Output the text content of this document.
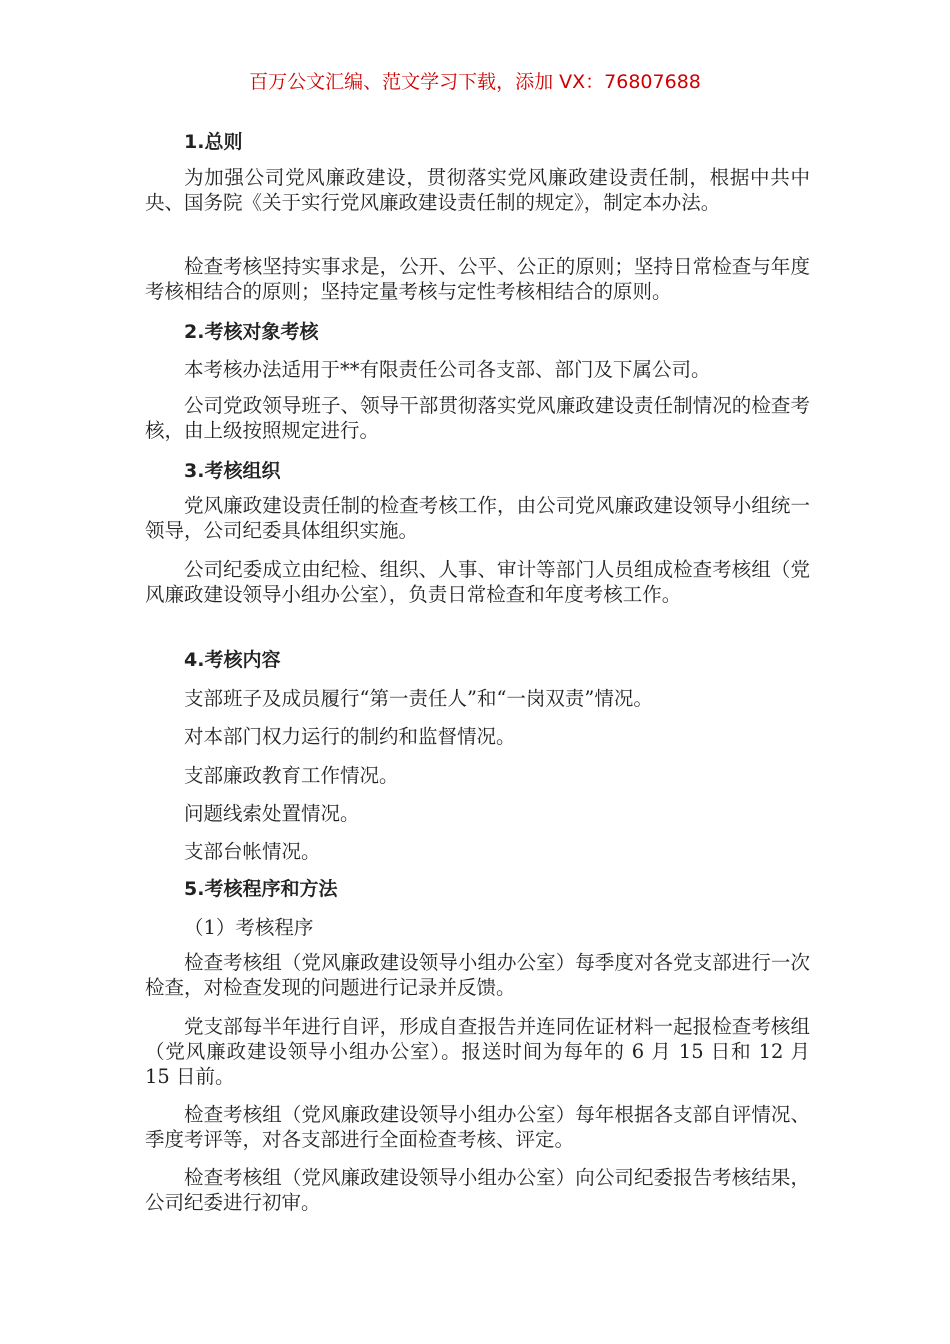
百万公文汇编、范文学习下载，添加 VX：76807688
1.总则
为加强公司党风廉政建设，贯彻落实党风廉政建设责任制，根据中共中央、国务院《关于实行党风廉政建设责任制的规定》，制定本办法。
检查考核坚持实事求是，公开、公平、公正的原则；坚持日常检查与年度考核相结合的原则；坚持定量考核与定性考核相结合的原则。
2.考核对象考核
本考核办法适用于**有限责任公司各支部、部门及下属公司。
公司党政领导班子、领导干部贯彻落实党风廉政建设责任制情况的检查考核，由上级按照规定进行。
3.考核组织
党风廉政建设责任制的检查考核工作，由公司党风廉政建设领导小组统一领导，公司纪委具体组织实施。
公司纪委成立由纪检、组织、人事、审计等部门人员组成检查考核组（党风廉政建设领导小组办公室），负责日常检查和年度考核工作。
4.考核内容
支部班子及成员履行“第一责任人”和“一岗双责”情况。
对本部门权力运行的制约和监督情况。
支部廉政教育工作情况。
问题线索处置情况。
支部台帐情况。
5.考核程序和方法
（1）考核程序
检查考核组（党风廉政建设领导小组办公室）每季度对各党支部进行一次检查，对检查发现的问题进行记录并反馈。
党支部每半年进行自评，形成自查报告并连同佐证材料一起报检查考核组（党风廉政建设领导小组办公室）。报送时间为每年的 6 月 15 日和 12 月 15 日前。
检查考核组（党风廉政建设领导小组办公室）每年根据各支部自评情况、季度考评等，对各支部进行全面检查考核、评定。
检查考核组（党风廉政建设领导小组办公室）向公司纪委报告考核结果，公司纪委进行初审。
